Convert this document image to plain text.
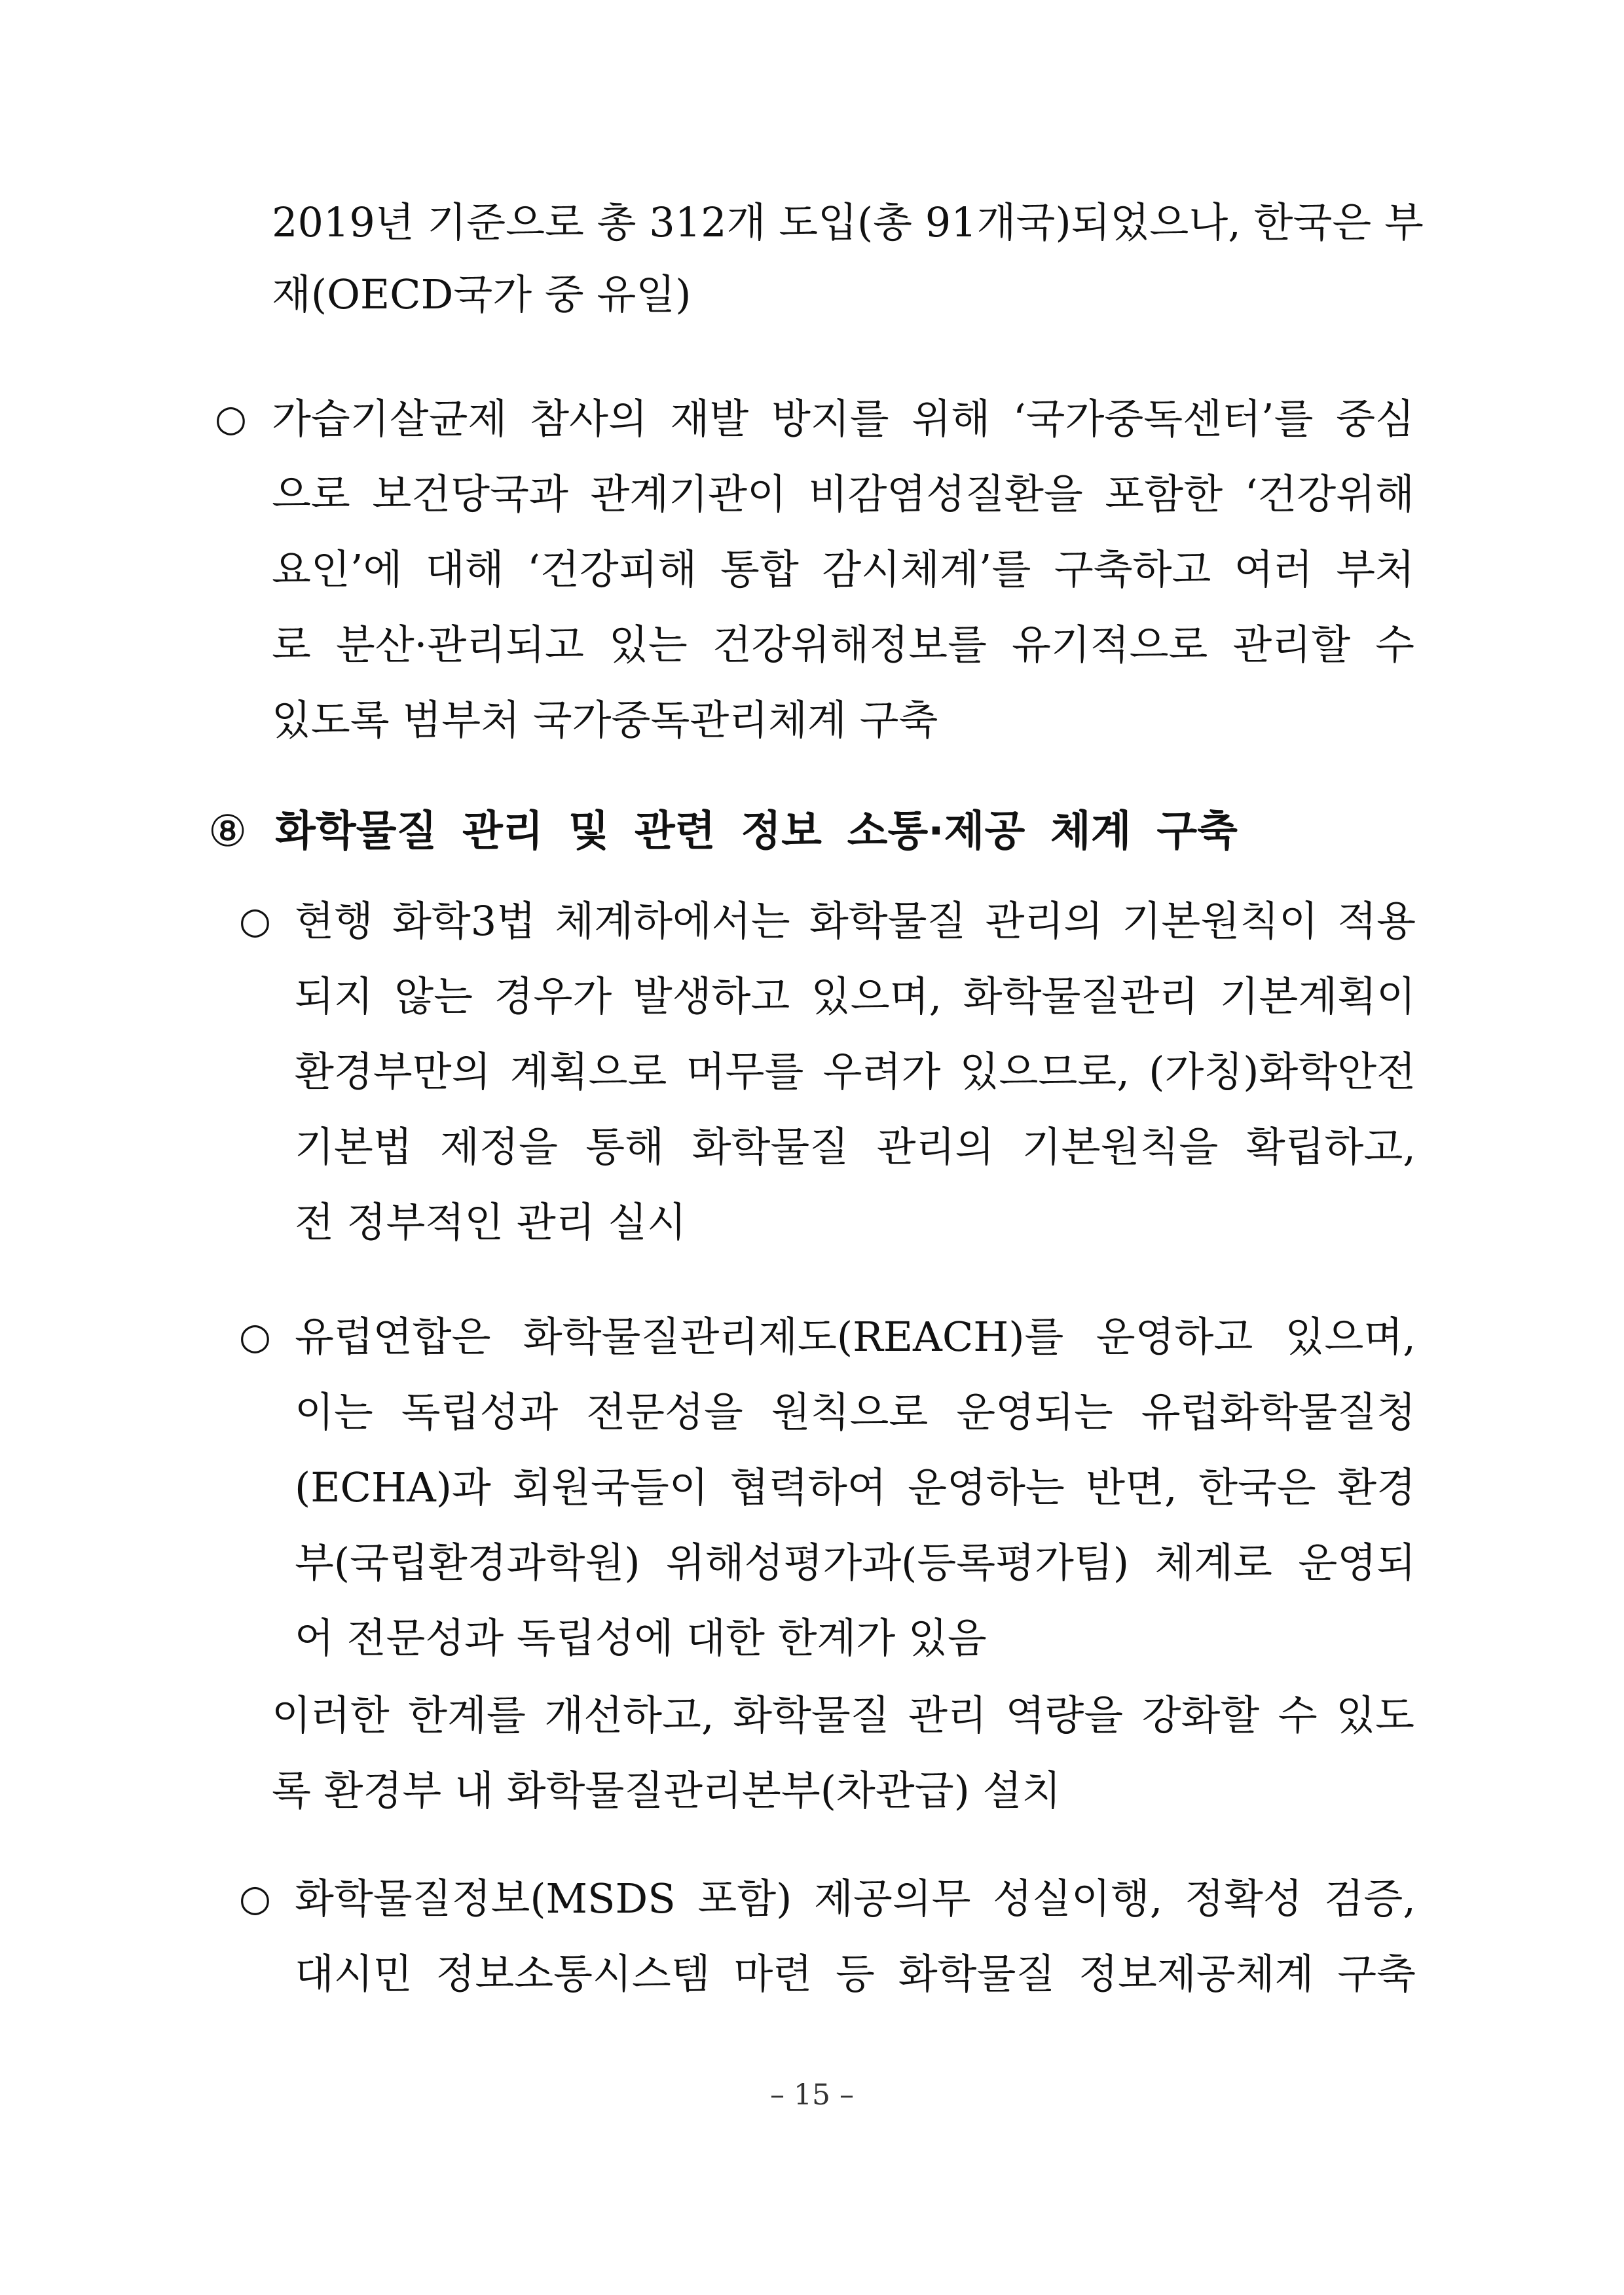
2019년 기준으로 총 312개 도입(총 91개국)되었으나, 한국은 부
재(OECD국가 중 유일)
○ 가습기살균제 참사의 재발 방지를 위해 ‘국가중독센터’를 중심
으로 보건당국과 관계기관이 비감염성질환을 포함한 ‘건강위해
요인’에 대해 ‘건강피해 통합 감시체계’를 구축하고 여러 부처
로 분산·관리되고 있는 건강위해정보를 유기적으로 관리할 수
있도록 범부처 국가중독관리체계 구축
⑧ 화학물질 관리 및 관련 정보 소통·제공 체계 구축
○ 현행 화학3법 체계하에서는 화학물질 관리의 기본원칙이 적용
되지 않는 경우가 발생하고 있으며, 화학물질관리 기본계획이
환경부만의 계획으로 머무를 우려가 있으므로, (가칭)화학안전
기본법 제정을 통해 화학물질 관리의 기본원칙을 확립하고,
전 정부적인 관리 실시
○ 유럽연합은 화학물질관리제도(REACH)를 운영하고 있으며,
이는 독립성과 전문성을 원칙으로 운영되는 유럽화학물질청
(ECHA)과 회원국들이 협력하여 운영하는 반면, 한국은 환경
부(국립환경과학원) 위해성평가과(등록평가팀) 체계로 운영되
어 전문성과 독립성에 대한 한계가 있음
이러한 한계를 개선하고, 화학물질 관리 역량을 강화할 수 있도
록 환경부 내 화학물질관리본부(차관급) 설치
○ 화학물질정보(MSDS 포함) 제공의무 성실이행, 정확성 검증,
대시민 정보소통시스템 마련 등 화학물질 정보제공체계 구축
– 15 –
